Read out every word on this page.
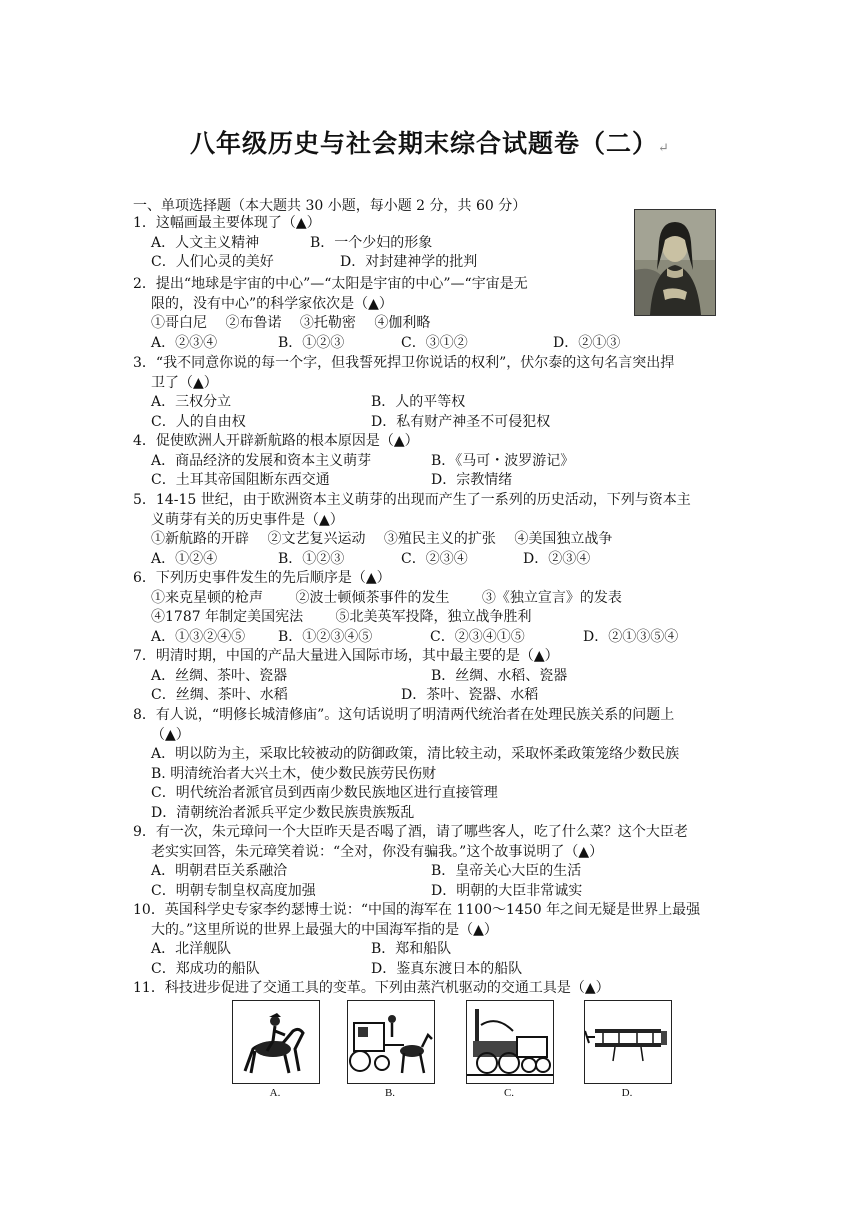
八年级历史与社会期末综合试题卷（二）↵
一、单项选择题（本大题共 30 小题，每小题 2 分，共 60 分）
1．这幅画最主要体现了（▲）
A．人文主义精神	B．一个少妇的形象
C．人们心灵的美好	D．对封建神学的批判
2．提出“地球是宇宙的中心”—“太阳是宇宙的中心”—“宇宙是无
限的，没有中心”的科学家依次是（▲）
①哥白尼　 ②布鲁诺　 ③托勒密　 ④伽利略
A．②③④	B．①②③	C．③①②	D．②①③
3．“我不同意你说的每一个字，但我誓死捍卫你说话的权利”，伏尔泰的这句名言突出捍
卫了（▲）
A．三权分立	B．人的平等权
C．人的自由权	D．私有财产神圣不可侵犯权
4．促使欧洲人开辟新航路的根本原因是（▲）
A．商品经济的发展和资本主义萌芽	B．《马可・波罗游记》
C．土耳其帝国阻断东西交通	D．宗教情绪
5．14-15 世纪，由于欧洲资本主义萌芽的出现而产生了一系列的历史活动，下列与资本主
义萌芽有关的历史事件是（▲）
①新航路的开辟　 ②文艺复兴运动　 ③殖民主义的扩张　 ④美国独立战争
A．①②④	B．①②③	C．②③④	D．②③④
6．下列历史事件发生的先后顺序是（▲）
①来克星顿的枪声　　 ②波士顿倾茶事件的发生　　 ③《独立宣言》的发表
④1787 年制定美国宪法　　 ⑤北美英军投降，独立战争胜利
A．①③②④⑤ B．①②③④⑤	C．②③④①⑤	D．②①③⑤④
7．明清时期，中国的产品大量进入国际市场，其中最主要的是（▲）
A．丝绸、茶叶、瓷器	B．丝绸、水稻、瓷器
C．丝绸、茶叶、水稻	D．茶叶、瓷器、水稻
8．有人说，“明修长城清修庙”。这句话说明了明清两代统治者在处理民族关系的问题上
（▲）
A．明以防为主，采取比较被动的防御政策，清比较主动，采取怀柔政策笼络少数民族
B. 明清统治者大兴土木，使少数民族劳民伤财
C．明代统治者派官员到西南少数民族地区进行直接管理
D．清朝统治者派兵平定少数民族贵族叛乱
9．有一次，朱元璋问一个大臣昨天是否喝了酒，请了哪些客人，吃了什么菜？这个大臣老
老实实回答，朱元璋笑着说：“全对，你没有骗我。”这个故事说明了（▲）
A．明朝君臣关系融洽	B．皇帝关心大臣的生活
C．明朝专制皇权高度加强	D．明朝的大臣非常诚实
10．英国科学史专家李约瑟博士说：“中国的海军在 1100～1450 年之间无疑是世界上最强
大的。”这里所说的世界上最强大的中国海军指的是（▲）
A．北洋舰队	B．郑和船队
C．郑成功的船队	D．鉴真东渡日本的船队
11．科技进步促进了交通工具的变革。下列由蒸汽机驱动的交通工具是（▲）
A.	B.	C.	D.
